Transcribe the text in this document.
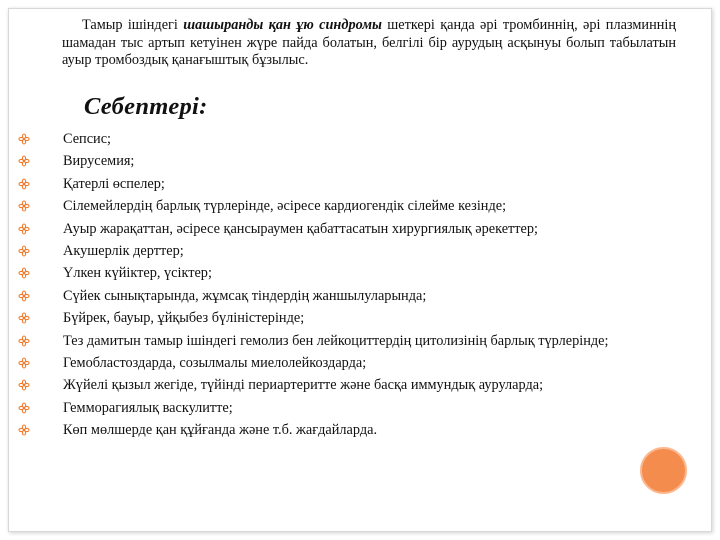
Тамыр ішіндегі шашыранды қан ұю синдромы шеткері қанда әрі тромбиннің, әрі плазминнің шамадан тыс артып кетуінен жүре пайда болатын, белгілі бір аурудың асқынуы болып табылатын ауыр тромбоздық қанағыштық бұзылыс.

Себептері:
Сепсис;
Вирусемия;
Қатерлі өспелер;
Сілемейлердің барлық түрлерінде, әсіресе кардиогендік сілейме кезінде;
Ауыр жарақаттан, әсіресе қансыраумен қабаттасатын хирургиялық әрекеттер;
Акушерлік дерттер;
Үлкен күйіктер, үсіктер;
Сүйек сынықтарында, жұмсақ тіндердің жаншылуларында;
Бүйрек, бауыр, ұйқыбез бүліністерінде;
Тез дамитын тамыр ішіндегі гемолиз бен лейкоциттердің цитолизінің барлық түрлерінде;
Гемобластоздарда, созылмалы миелолейкоздарда;
Жүйелі қызыл жегіде, түйінді периартеритте және басқа иммундық ауруларда;
Гемморагиялық васкулитте;
Көп мөлшерде қан құйғанда және т.б. жағдайларда.
